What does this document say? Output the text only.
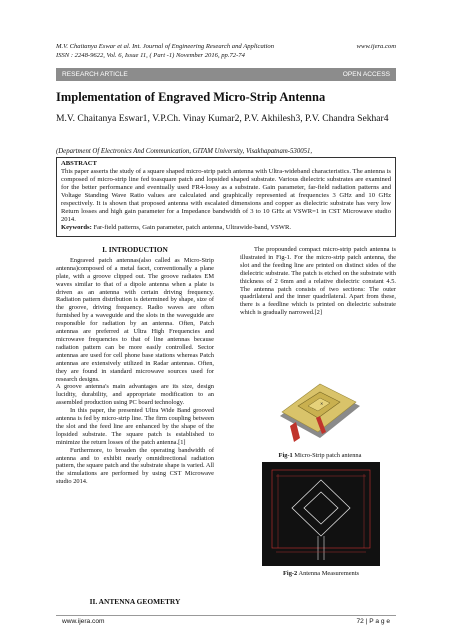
M.V. Chaitanya Eswar et al. Int. Journal of Engineering Research and Application
ISSN : 2248-9622, Vol. 6, Issue 11, ( Part -1) November 2016, pp.72-74
www.ijera.com
RESEARCH ARTICLE	OPEN ACCESS
Implementation of Engraved Micro-Strip Antenna
M.V. Chaitanya Eswar1, V.P.Ch. Vinay Kumar2, P.V. Akhilesh3, P.V. Chandra Sekhar4
(Department Of Electronics And Communication, GITAM University, Visakhapatnam-530051,
ABSTRACT
This paper asserts the study of a square shaped micro-strip patch antenna with Ultra-wideband characteristics. The antenna is composed of micro-strip line fed toasquare patch and lopsided shaped substrate. Various dielectric substrates are examined for the better performance and eventually used FR4-lossy as a substrate. Gain parameter, far-field radiation patterns and Voltage Standing Wave Ratio values are calculated and graphically represented at frequencies 3 GHz and 10 GHz respectively. It is shown that proposed antenna with escalated dimensions and copper as dielectric substrate has very low Return losses and high gain parameter for a Impedance bandwidth of 3 to 10 GHz at VSWR=1 in CST Microwave studio 2014.
Keywords: Far-field patterns, Gain parameter, patch antenna, Ultrawide-band, VSWR.
I. INTRODUCTION

Engraved patch antennas(also called as Micro-Strip antenna)composed of a metal facet, conventionally a plane plate, with a groove clipped out. The groove radiates EM waves similar to that of a dipole antenna when a plate is driven as an antenna with certain driving frequency. Radiation pattern distribution is determined by shape, size of the groove, driving frequency. Radio waves are often furnished by a waveguide and the slots in the waveguide are responsible for radiation by an antenna. Often, Patch antennas are preferred at Ultra High Frequencies and microwave frequencies to that of line antennas because radiation pattern can be more easily controlled. Sector antennas are used for cell phone base stations whereas Patch antennas are extensively utilized in Radar antennas. Often, they are found in standard microwave sources used for research designs.

A groove antenna's main advantages are its size, design lucidity, durability, and appropriate modification to an assembled production using PC board technology.

In this paper, the presented Ultra Wide Band grooved antenna is fed by micro-strip line. The firm coupling between the slot and the feed line are enhanced by the shape of the lopsided substrate. The square patch is established to minimize the return losses of the patch antenna.[1]

Furthermore, to broaden the operating bandwidth of antenna and to exhibit nearly omnidirectional radiation pattern, the square patch and the substrate shape is varied. All the simulations are performed by using CST Microwave studio 2014.

II. ANTENNA GEOMETRY

The propounded compact micro-strip patch antenna is illustrated in Fig-1. For the micro-strip patch antenna, the slot and the feeding line are printed on distinct sides of the dielectric substrate. The patch is etched on the substrate with thickness of 2 6mm and a relative dielectric constant 4.5. The antenna patch consists of two sections: The outer quadrilateral and the inner quadrilateral. Apart from these, there is a feedline which is printed on dielectric substrate which is gradually narrowed.[2]

✕
Fig-1 Micro-Strip patch antenna
Fig-2 Antenna Measurements
www.ijera.com	72 | P a g e
